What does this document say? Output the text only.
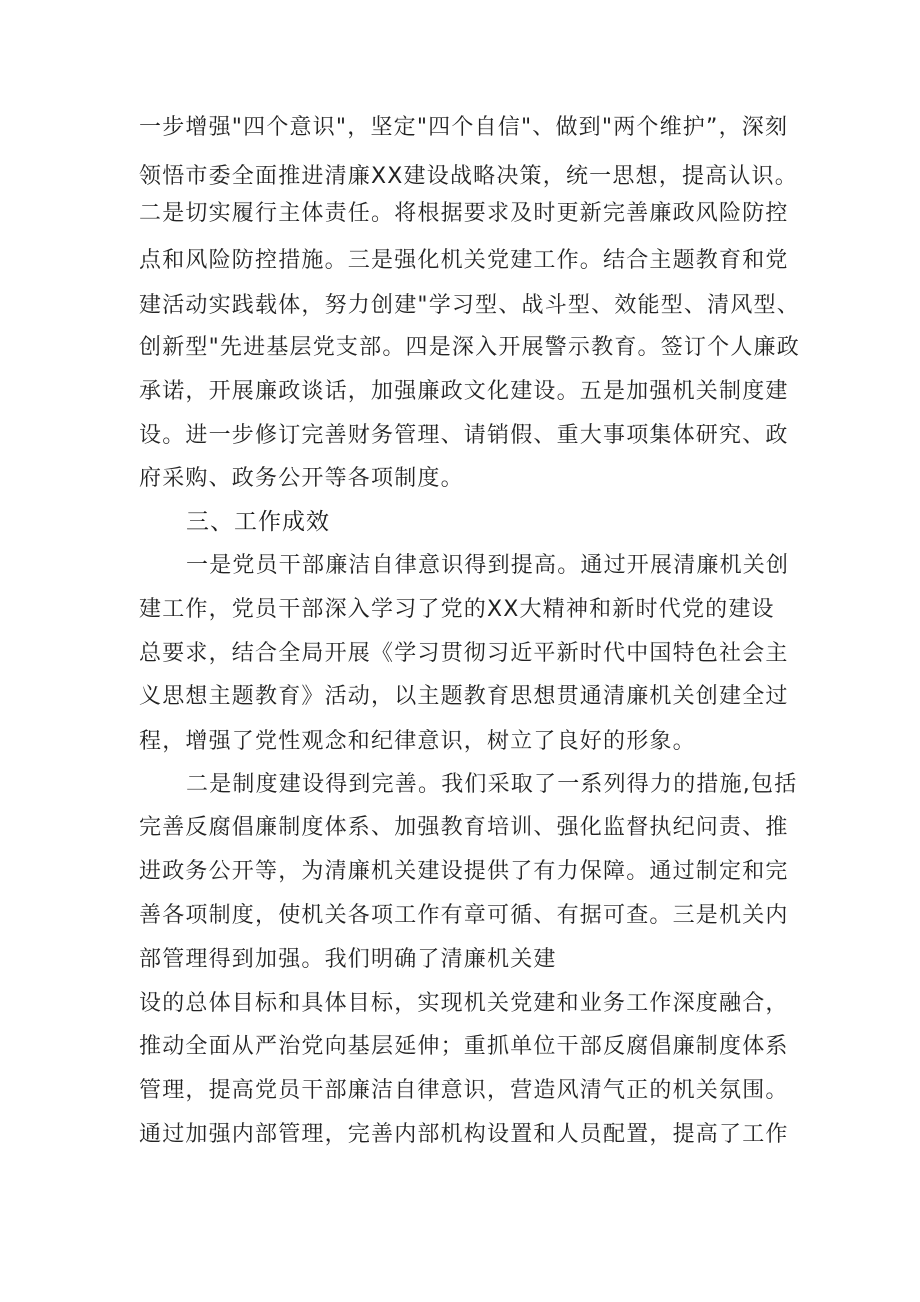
一步增强"四个意识"，坚定"四个自信"、做到"两个维护”，深刻
领悟市委全面推进清廉XX建设战略决策，统一思想，提高认识。
二是切实履行主体责任。将根据要求及时更新完善廉政风险防控
点和风险防控措施。三是强化机关党建工作。结合主题教育和党
建活动实践载体，努力创建"学习型、战斗型、效能型、清风型、
创新型"先进基层党支部。四是深入开展警示教育。签订个人廉政
承诺，开展廉政谈话，加强廉政文化建设。五是加强机关制度建
设。进一步修订完善财务管理、请销假、重大事项集体研究、政
府采购、政务公开等各项制度。
三、工作成效
一是党员干部廉洁自律意识得到提高。通过开展清廉机关创
建工作，党员干部深入学习了党的XX大精神和新时代党的建设
总要求，结合全局开展《学习贯彻习近平新时代中国特色社会主
义思想主题教育》活动，以主题教育思想贯通清廉机关创建全过
程，增强了党性观念和纪律意识，树立了良好的形象。
二是制度建设得到完善。我们采取了一系列得力的措施,包括
完善反腐倡廉制度体系、加强教育培训、强化监督执纪问责、推
进政务公开等，为清廉机关建设提供了有力保障。通过制定和完
善各项制度，使机关各项工作有章可循、有据可查。三是机关内
部管理得到加强。我们明确了清廉机关建
设的总体目标和具体目标，实现机关党建和业务工作深度融合，
推动全面从严治党向基层延伸；重抓单位干部反腐倡廉制度体系
管理，提高党员干部廉洁自律意识，营造风清气正的机关氛围。
通过加强内部管理，完善内部机构设置和人员配置，提高了工作
